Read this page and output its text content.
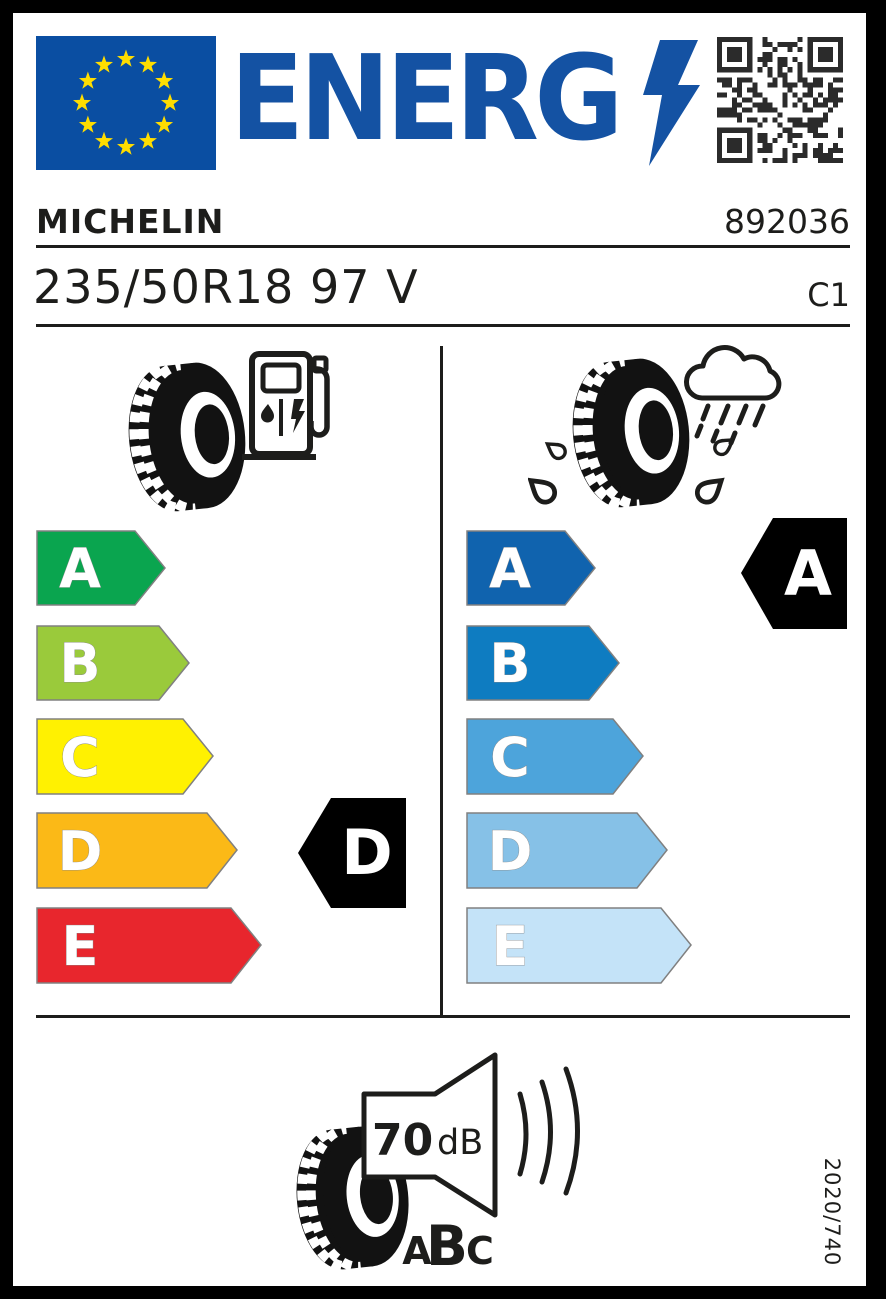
ENERG
MICHELIN	892036
235/50R18 97 V	C1
A
B
C
D
E
D
A
B
C
D
E
A
70 dB
A
B
C	2020/740
